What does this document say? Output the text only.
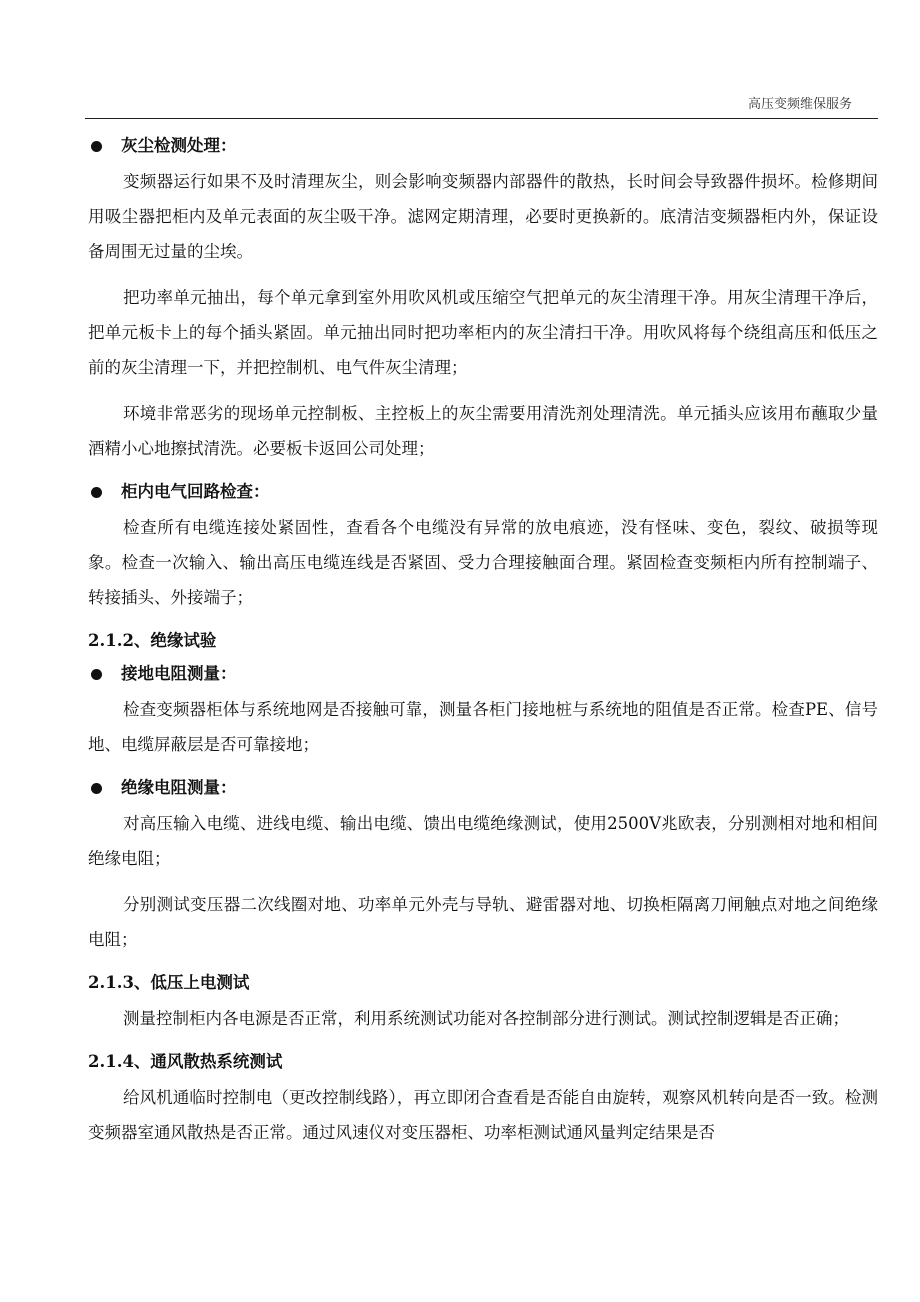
高压变频维保服务
灰尘检测处理：

变频器运行如果不及时清理灰尘，则会影响变频器内部器件的散热，长时间会导致器件损坏。检修期间用吸尘器把柜内及单元表面的灰尘吸干净。滤网定期清理，必要时更换新的。底清洁变频器柜内外，保证设备周围无过量的尘埃。

把功率单元抽出，每个单元拿到室外用吹风机或压缩空气把单元的灰尘清理干净。用灰尘清理干净后，把单元板卡上的每个插头紧固。单元抽出同时把功率柜内的灰尘清扫干净。用吹风将每个绕组高压和低压之前的灰尘清理一下，并把控制机、电气件灰尘清理；

环境非常恶劣的现场单元控制板、主控板上的灰尘需要用清洗剂处理清洗。单元插头应该用布蘸取少量酒精小心地擦拭清洗。必要板卡返回公司处理；

柜内电气回路检查：

检查所有电缆连接处紧固性，查看各个电缆没有异常的放电痕迹，没有怪味、变色，裂纹、破损等现象。检查一次输入、输出高压电缆连线是否紧固、受力合理接触面合理。紧固检查变频柜内所有控制端子、转接插头、外接端子；

2.1.2、绝缘试验
接地电阻测量：

检查变频器柜体与系统地网是否接触可靠，测量各柜门接地桩与系统地的阻值是否正常。检查PE、信号地、电缆屏蔽层是否可靠接地；

绝缘电阻测量：

对高压输入电缆、进线电缆、输出电缆、馈出电缆绝缘测试，使用2500V兆欧表，分别测相对地和相间绝缘电阻；

分别测试变压器二次线圈对地、功率单元外壳与导轨、避雷器对地、切换柜隔离刀闸触点对地之间绝缘电阻；

2.1.3、低压上电测试

测量控制柜内各电源是否正常，利用系统测试功能对各控制部分进行测试。测试控制逻辑是否正确；

2.1.4、通风散热系统测试

给风机通临时控制电（更改控制线路），再立即闭合查看是否能自由旋转，观察风机转向是否一致。检测变频器室通风散热是否正常。通过风速仪对变压器柜、功率柜测试通风量判定结果是否
